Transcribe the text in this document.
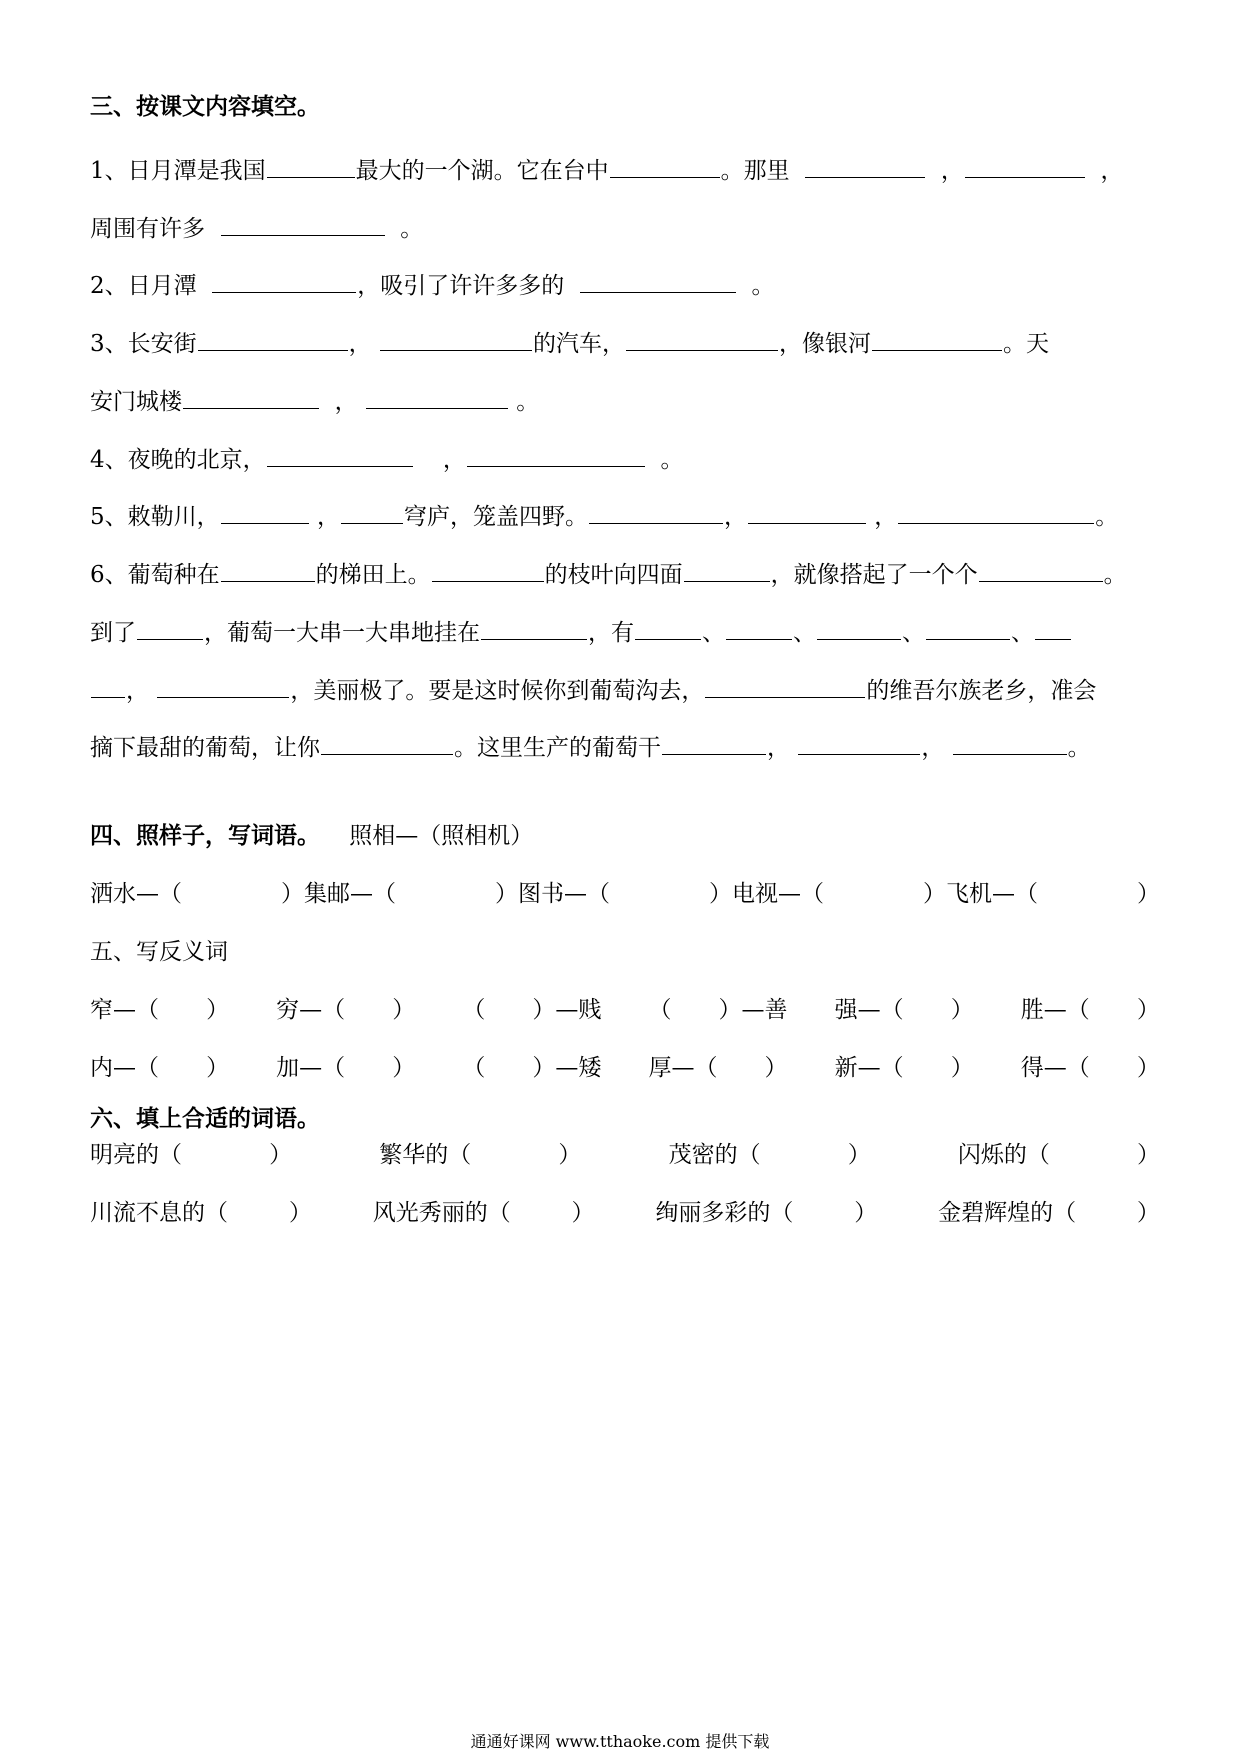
三、按课文内容填空。
1、日月潭是我国	最大的一个湖。它在台中	。那里	，	，
周围有许多	。
2、日月潭	，吸引了许许多多的	。
3、长安街	，	的汽车，	，像银河	。天
安门城楼	，	。
4、夜晚的北京，	，	。
5、敕勒川，	，	穹庐，笼盖四野。	，	，	。
6、葡萄种在	的梯田上。	的枝叶向四面	，就像搭起了一个个	。
到了	，葡萄一大串一大串地挂在	，有	、	、	、	、
，	，美丽极了。要是这时候你到葡萄沟去，	的维吾尔族老乡，准会
摘下最甜的葡萄，让你	。这里生产的葡萄干	，	，	。
四、照样子，写词语。 照相—（照相机）
洒水—（	）集邮—（	）图书—（	）电视—（	）飞机—（	）
五、写反义词
窄—（ ） 穷—（ ） （ ）—贱 （ ）—善 强—（ ） 胜—（ ）
内—（ ） 加—（ ） （ ）—矮 厚—（ ） 新—（ ） 得—（ ）
六、填上合适的词语。
明亮的（	）	繁华的（	）	茂密的（	）	闪烁的（	）
川流不息的（	）	风光秀丽的（	）	绚丽多彩的（	）	金碧辉煌的（	）
通通好课网 www.tthaoke.com 提供下载
